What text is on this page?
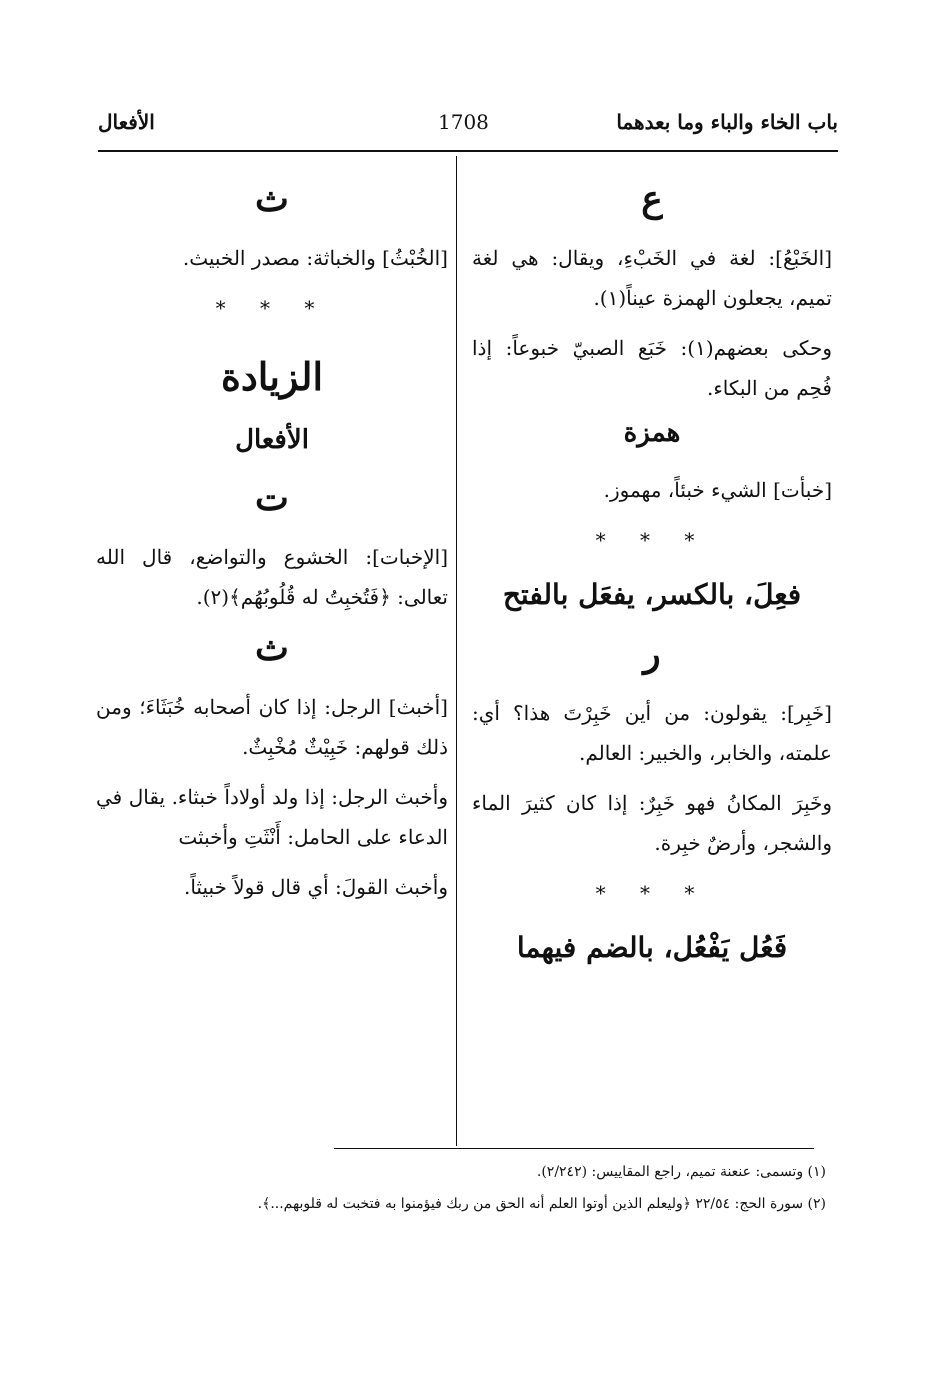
باب الخاء والباء وما بعدهما
1708
الأفعال
ع

[الخَبْعُ]: لغة في الخَبْءِ، ويقال: هي لغة تميم، يجعلون الهمزة عيناً(١).

وحكى بعضهم(١): خَبَع الصبيّ خبوعاً: إذا فُحِم من البكاء.

همزة

[خبأت] الشيء خبئاً، مهموز.

* * *
فعِلَ، بالكسر، يفعَل بالفتح
ر

[خَبِر]: يقولون: من أين خَبِرْتَ هذا؟ أي: علمته، والخابر، والخبير: العالم.

وخَبِرَ المكانُ فهو خَبِرٌ: إذا كان كثيرَ الماء والشجر، وأرضٌ خبِرة.

* * *
فَعُل يَفْعُل، بالضم فيهما
ث

[الخُبْثُ] والخباثة: مصدر الخبيث.

* * *
الزيادة
الأفعال
ت

[الإخبات]: الخشوع والتواضع، قال الله تعالى: ﴿فَتُخبِتُ له قُلُوبُهُم﴾(٢).

ث

[أخبث] الرجل: إذا كان أصحابه خُبَثَاءَ؛ ومن ذلك قولهم: خَبِيْثٌ مُخْبِثٌ.

وأخبث الرجل: إذا ولد أولاداً خبثاء. يقال في الدعاء على الحامل: أَنْثَتِ وأخبثت

وأخبث القولَ: أي قال قولاً خبيثاً.

(١) وتسمى: عنعنة تميم، راجع المقاييس: (٢/٢٤٢).
(٢) سورة الحج: ٢٢/٥٤ ﴿وليعلم الذين أوتوا العلم أنه الحق من ربك فيؤمنوا به فتخبت له قلوبهم...﴾.
